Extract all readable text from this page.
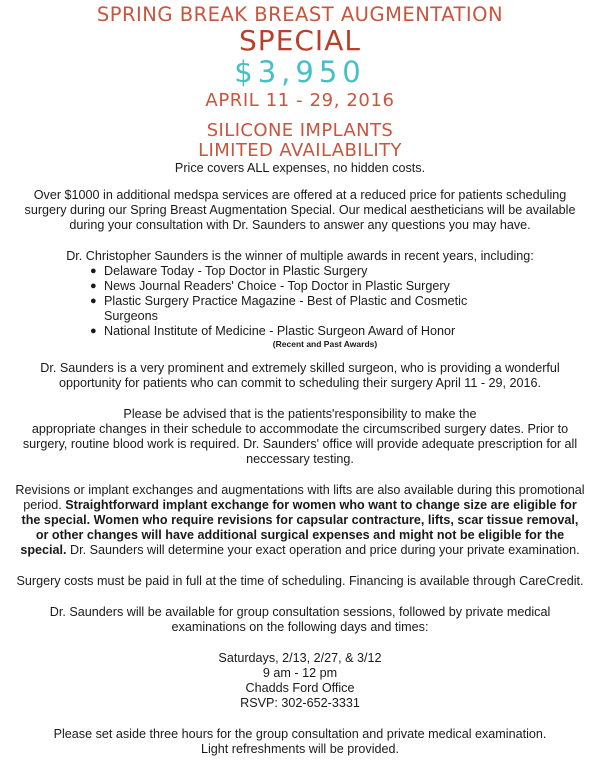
SPRING BREAK BREAST AUGMENTATION
SPECIAL
$3,950
APRIL 11 - 29, 2016
SILICONE IMPLANTS
LIMITED AVAILABILITY

Price covers ALL expenses, no hidden costs.

Over $1000 in additional medspa services are offered at a reduced price for patients scheduling surgery during our Spring Breast Augmentation Special. Our medical aestheticians will be available during your consultation with Dr. Saunders to answer any questions you may have.

Dr. Christopher Saunders is the winner of multiple awards in recent years, including:

● Delaware Today - Top Doctor in Plastic Surgery
● News Journal Readers' Choice - Top Doctor in Plastic Surgery
● Plastic Surgery Practice Magazine - Best of Plastic and Cosmetic Surgeons
● National Institute of Medicine - Plastic Surgeon Award of Honor
(Recent and Past Awards)

Dr. Saunders is a very prominent and extremely skilled surgeon, who is providing a wonderful opportunity for patients who can commit to scheduling their surgery April 11 - 29, 2016.

Please be advised that is the patients'responsibility to make the

appropriate changes in their schedule to accommodate the circumscribed surgery dates. Prior to surgery, routine blood work is required. Dr. Saunders' office will provide adequate prescription for all neccessary testing.

Revisions or implant exchanges and augmentations with lifts are also available during this promotional period. Straightforward implant exchange for women who want to change size are eligible for the special. Women who require revisions for capsular contracture, lifts, scar tissue removal, or other changes will have additional surgical expenses and might not be eligible for the special. Dr. Saunders will determine your exact operation and price during your private examination.

Surgery costs must be paid in full at the time of scheduling. Financing is available through CareCredit.

Dr. Saunders will be available for group consultation sessions, followed by private medical examinations on the following days and times:

Saturdays, 2/13, 2/27, & 3/12

9 am - 12 pm

Chadds Ford Office

RSVP: 302-652-3331

Please set aside three hours for the group consultation and private medical examination.

Light refreshments will be provided.
